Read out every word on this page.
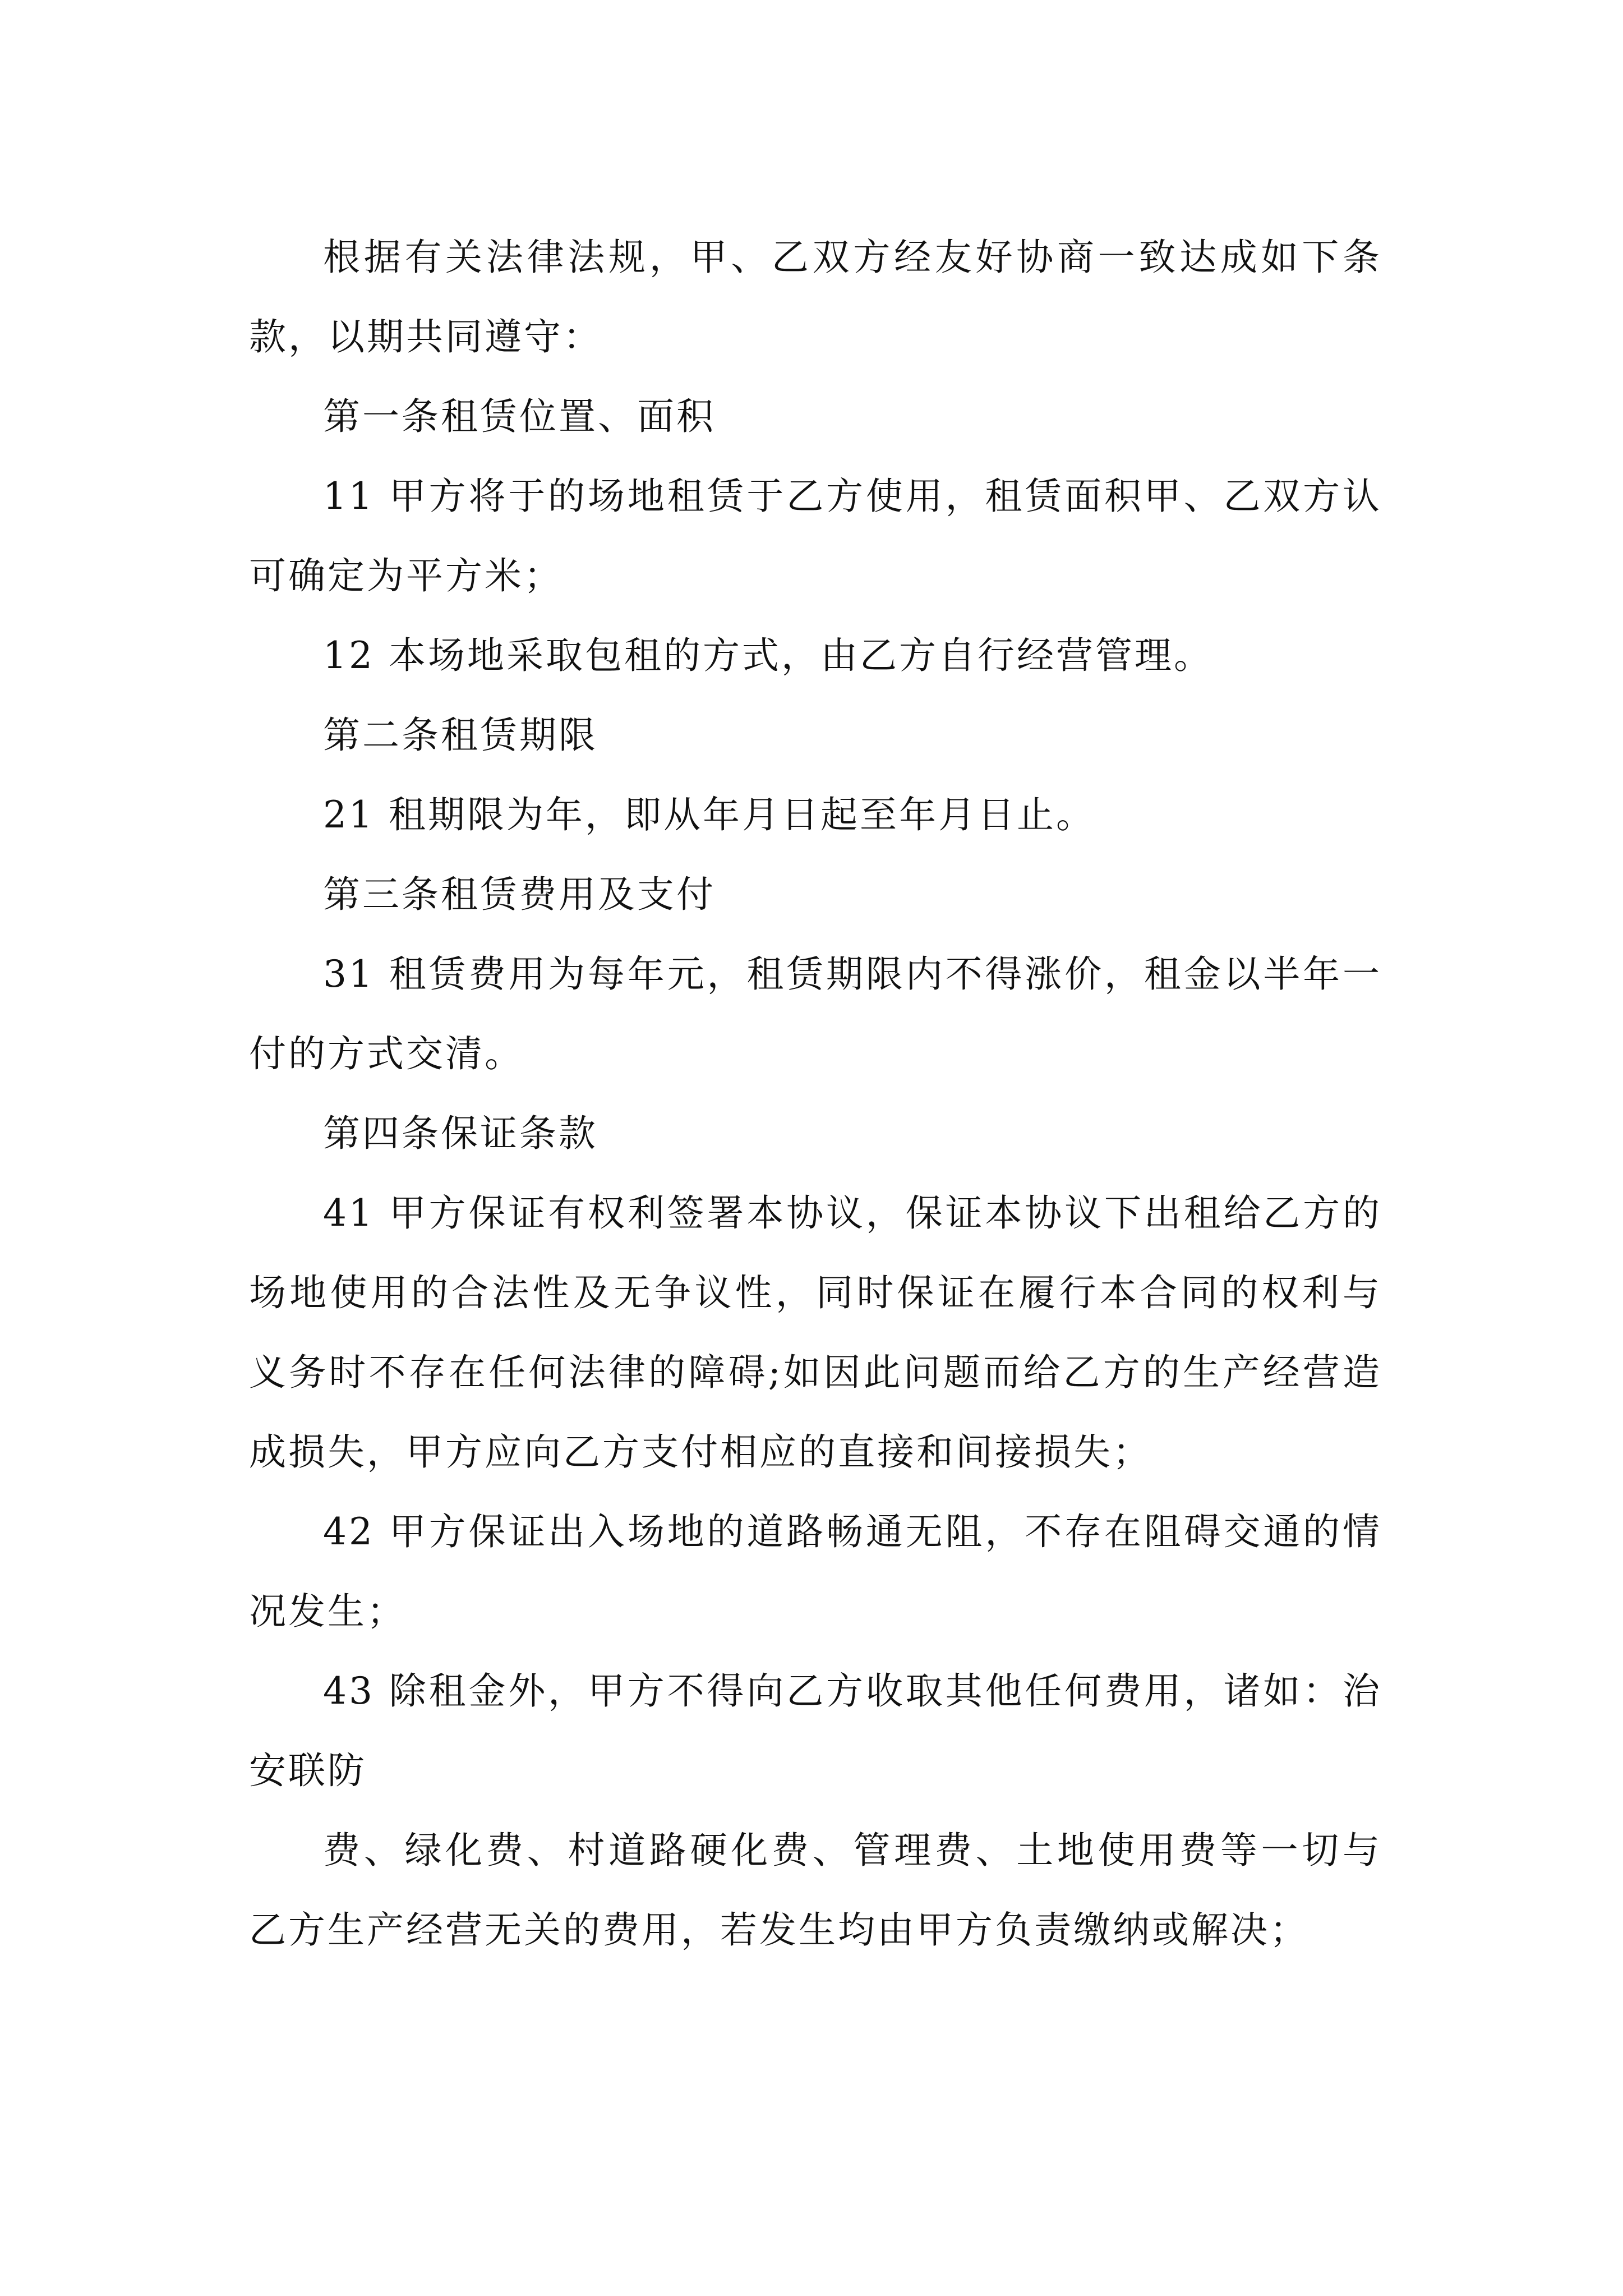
根据有关法律法规，甲、乙双方经友好协商一致达成如下条款，以期共同遵守：

第一条租赁位置、面积

11 甲方将于的场地租赁于乙方使用，租赁面积甲、乙双方认可确定为平方米；

12 本场地采取包租的方式，由乙方自行经营管理。

第二条租赁期限

21 租期限为年，即从年月日起至年月日止。

第三条租赁费用及支付

31 租赁费用为每年元，租赁期限内不得涨价，租金以半年一付的方式交清。

第四条保证条款

41 甲方保证有权利签署本协议，保证本协议下出租给乙方的场地使用的合法性及无争议性，同时保证在履行本合同的权利与义务时不存在任何法律的障碍;如因此问题而给乙方的生产经营造成损失，甲方应向乙方支付相应的直接和间接损失；

42 甲方保证出入场地的道路畅通无阻，不存在阻碍交通的情况发生；

43 除租金外，甲方不得向乙方收取其他任何费用，诸如：治安联防

费、绿化费、村道路硬化费、管理费、土地使用费等一切与乙方生产经营无关的费用，若发生均由甲方负责缴纳或解决；
